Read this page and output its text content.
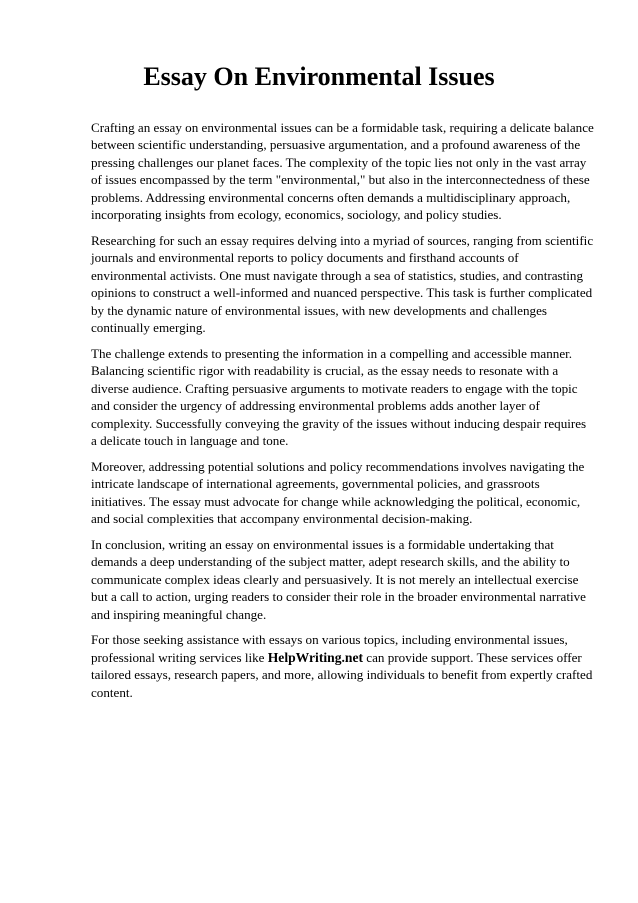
Essay On Environmental Issues

Crafting an essay on environmental issues can be a formidable task, requiring a delicate balance between scientific understanding, persuasive argumentation, and a profound awareness of the pressing challenges our planet faces. The complexity of the topic lies not only in the vast array of issues encompassed by the term "environmental," but also in the interconnectedness of these problems. Addressing environmental concerns often demands a multidisciplinary approach, incorporating insights from ecology, economics, sociology, and policy studies.

Researching for such an essay requires delving into a myriad of sources, ranging from scientific journals and environmental reports to policy documents and firsthand accounts of environmental activists. One must navigate through a sea of statistics, studies, and contrasting opinions to construct a well-informed and nuanced perspective. This task is further complicated by the dynamic nature of environmental issues, with new developments and challenges continually emerging.

The challenge extends to presenting the information in a compelling and accessible manner. Balancing scientific rigor with readability is crucial, as the essay needs to resonate with a diverse audience. Crafting persuasive arguments to motivate readers to engage with the topic and consider the urgency of addressing environmental problems adds another layer of complexity. Successfully conveying the gravity of the issues without inducing despair requires a delicate touch in language and tone.

Moreover, addressing potential solutions and policy recommendations involves navigating the intricate landscape of international agreements, governmental policies, and grassroots initiatives. The essay must advocate for change while acknowledging the political, economic, and social complexities that accompany environmental decision-making.

In conclusion, writing an essay on environmental issues is a formidable undertaking that demands a deep understanding of the subject matter, adept research skills, and the ability to communicate complex ideas clearly and persuasively. It is not merely an intellectual exercise but a call to action, urging readers to consider their role in the broader environmental narrative and inspiring meaningful change.

For those seeking assistance with essays on various topics, including environmental issues, professional writing services like HelpWriting.net can provide support. These services offer tailored essays, research papers, and more, allowing individuals to benefit from expertly crafted content.
